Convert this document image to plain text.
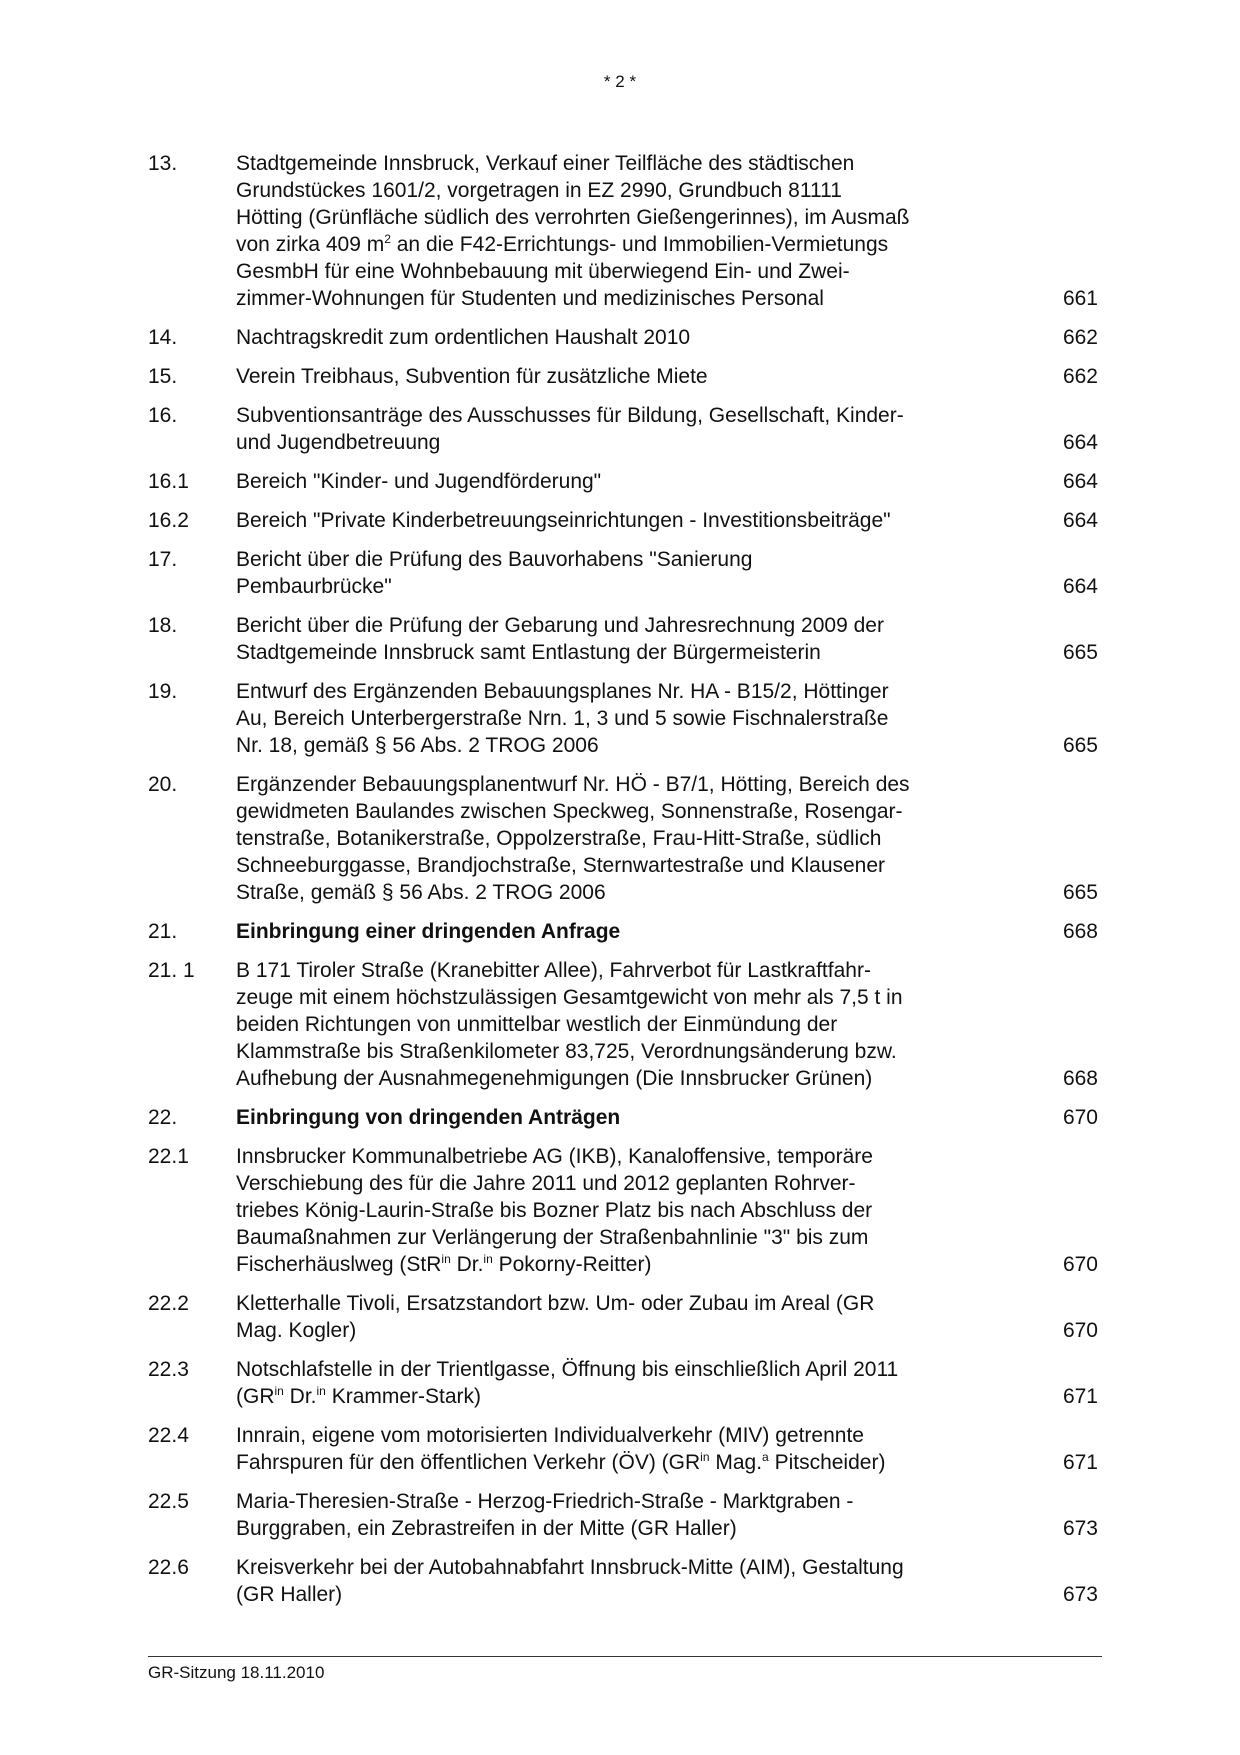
* 2 *
13.	Stadtgemeinde Innsbruck, Verkauf einer Teilfläche des städtischen
Grundstückes 1601/2, vorgetragen in EZ 2990, Grundbuch 81111
Hötting (Grünfläche südlich des verrohrten Gießengerinnes), im Ausmaß
von zirka 409 $m^2$ an die F42-Errichtungs- und Immobilien-Vermietungs
GesmbH für eine Wohnbebauung mit überwiegend Ein- und Zwei-
zimmer-Wohnungen für Studenten und medizinisches Personal	661
14.	Nachtragskredit zum ordentlichen Haushalt 2010	662
15.	Verein Treibhaus, Subvention für zusätzliche Miete	662
16.	Subventionsanträge des Ausschusses für Bildung, Gesellschaft, Kinder-
und Jugendbetreuung	664
16.1	Bereich "Kinder- und Jugendförderung"	664
16.2	Bereich "Private Kinderbetreuungseinrichtungen - Investitionsbeiträge"	664
17.	Bericht über die Prüfung des Bauvorhabens "Sanierung
Pembaurbrücke"	664
18.	Bericht über die Prüfung der Gebarung und Jahresrechnung 2009 der
Stadtgemeinde Innsbruck samt Entlastung der Bürgermeisterin	665
19.	Entwurf des Ergänzenden Bebauungsplanes Nr. HA - B15/2, Höttinger
Au, Bereich Unterbergerstraße Nrn. 1, 3 und 5 sowie Fischnalerstraße
Nr. 18, gemäß § 56 Abs. 2 TROG 2006	665
20.	Ergänzender Bebauungsplanentwurf Nr. HÖ - B7/1, Hötting, Bereich des
gewidmeten Baulandes zwischen Speckweg, Sonnenstraße, Rosengar-
tenstraße, Botanikerstraße, Oppolzerstraße, Frau-Hitt-Straße, südlich
Schneeburggasse, Brandjochstraße, Sternwartestraße und Klausener
Straße, gemäß § 56 Abs. 2 TROG 2006	665
21.	Einbringung einer dringenden Anfrage	668
21. 1	B 171 Tiroler Straße (Kranebitter Allee), Fahrverbot für Lastkraftfahr-
zeuge mit einem höchstzulässigen Gesamtgewicht von mehr als 7,5 t in
beiden Richtungen von unmittelbar westlich der Einmündung der
Klammstraße bis Straßenkilometer 83,725, Verordnungsänderung bzw.
Aufhebung der Ausnahmegenehmigungen (Die Innsbrucker Grünen)	668
22.	Einbringung von dringenden Anträgen	670
22.1	Innsbrucker Kommunalbetriebe AG (IKB), Kanaloffensive, temporäre
Verschiebung des für die Jahre 2011 und 2012 geplanten Rohrver-
triebes König-Laurin-Straße bis Bozner Platz bis nach Abschluss der
Baumaßnahmen zur Verlängerung der Straßenbahnlinie "3" bis zum
Fischerhäuslweg (StR$^{in}$ Dr.$^{in}$ Pokorny-Reitter)	670
22.2	Kletterhalle Tivoli, Ersatzstandort bzw. Um- oder Zubau im Areal (GR
Mag. Kogler)	670
22.3	Notschlafstelle in der Trientlgasse, Öffnung bis einschließlich April 2011
($GR^{in}$ Dr.$^{in}$ Krammer-Stark)	671
22.4	Innrain, eigene vom motorisierten Individualverkehr (MIV) getrennte
Fahrspuren für den öffentlichen Verkehr (ÖV) ($GR^{in}$ Mag.$^a$ Pitscheider)	671
22.5	Maria-Theresien-Straße - Herzog-Friedrich-Straße - Marktgraben -
Burggraben, ein Zebrastreifen in der Mitte (GR Haller)	673
22.6	Kreisverkehr bei der Autobahnabfahrt Innsbruck-Mitte (AIM), Gestaltung
(GR Haller)	673
GR-Sitzung 18.11.2010
